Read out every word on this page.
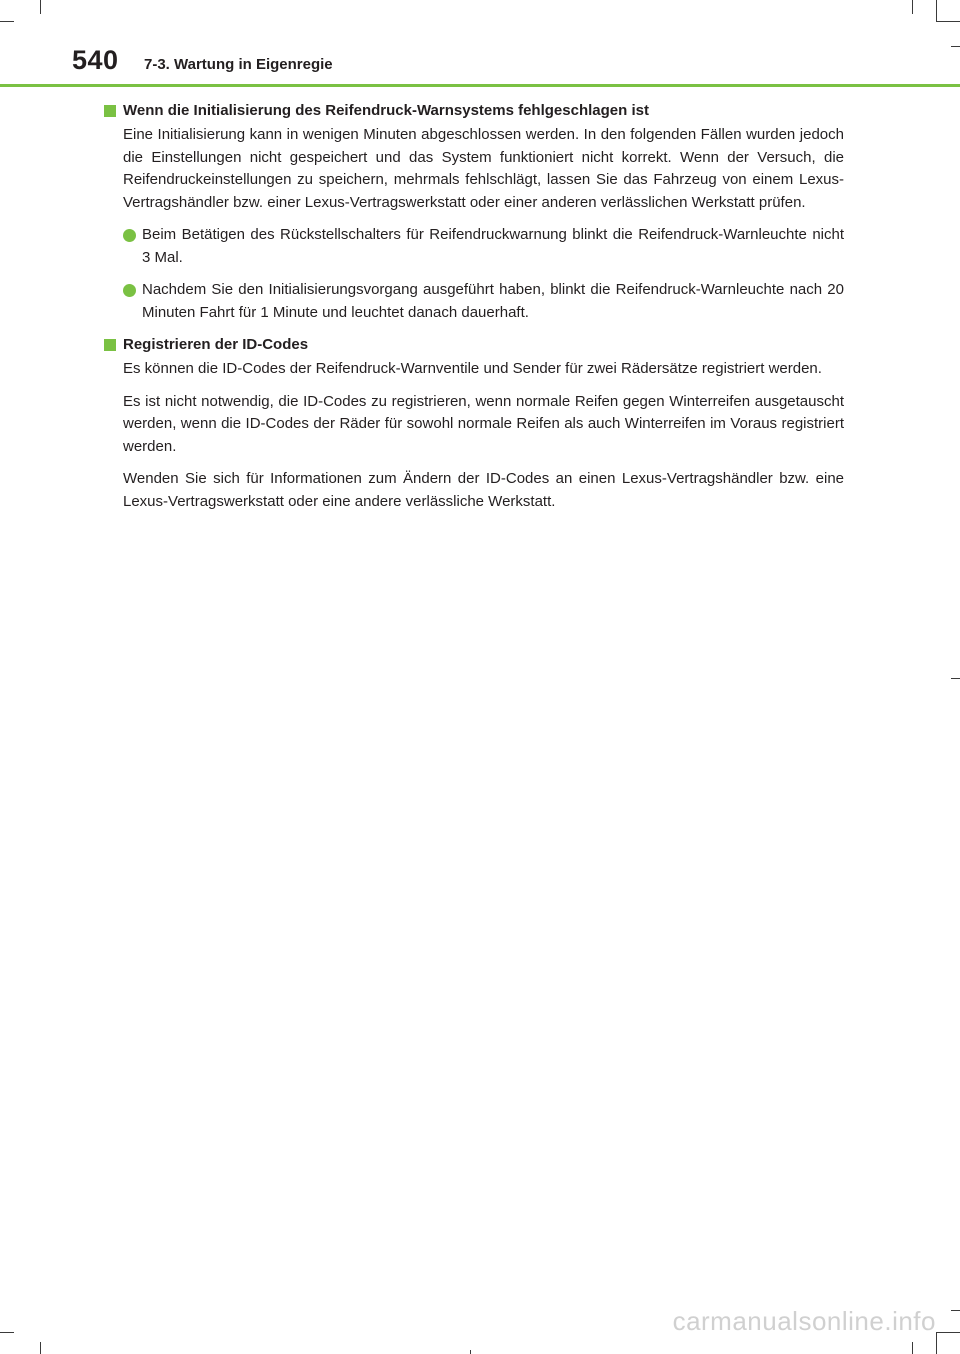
540 7-3. Wartung in Eigenregie
Wenn die Initialisierung des Reifendruck-Warnsystems fehlgeschlagen ist

Eine Initialisierung kann in wenigen Minuten abgeschlossen werden. In den folgenden Fällen wurden jedoch die Einstellungen nicht gespeichert und das System funktioniert nicht korrekt. Wenn der Versuch, die Reifendruckeinstellungen zu speichern, mehrmals fehlschlägt, lassen Sie das Fahrzeug von einem Lexus-Vertragshändler bzw. einer Lexus-Vertragswerkstatt oder einer anderen verlässlichen Werkstatt prüfen.

Beim Betätigen des Rückstellschalters für Reifendruckwarnung blinkt die Reifendruck-Warnleuchte nicht 3 Mal.
Nachdem Sie den Initialisierungsvorgang ausgeführt haben, blinkt die Reifendruck-Warnleuchte nach 20 Minuten Fahrt für 1 Minute und leuchtet danach dauerhaft.
Registrieren der ID-Codes

Es können die ID-Codes der Reifendruck-Warnventile und Sender für zwei Rädersätze registriert werden.

Es ist nicht notwendig, die ID-Codes zu registrieren, wenn normale Reifen gegen Winterreifen ausgetauscht werden, wenn die ID-Codes der Räder für sowohl normale Reifen als auch Winterreifen im Voraus registriert werden.

Wenden Sie sich für Informationen zum Ändern der ID-Codes an einen Lexus-Vertragshändler bzw. eine Lexus-Vertragswerkstatt oder eine andere verlässliche Werkstatt.

carmanualsonline.info
